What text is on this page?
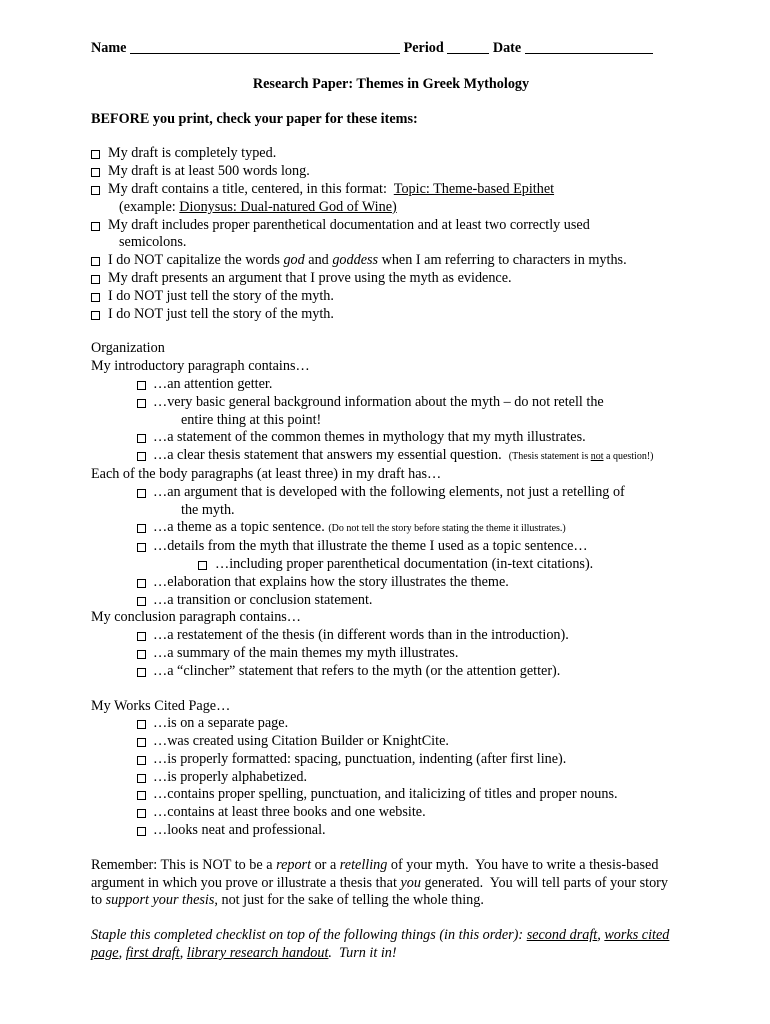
Name	Period	Date
Research Paper: Themes in Greek Mythology
BEFORE you print, check your paper for these items:
My draft is completely typed.
My draft is at least 500 words long.
My draft contains a title, centered, in this format:  Topic: Theme-based Epithet
(example: Dionysus: Dual-natured God of Wine)
My draft includes proper parenthetical documentation and at least two correctly used
semicolons.
I do NOT capitalize the words god and goddess when I am referring to characters in myths.
My draft presents an argument that I prove using the myth as evidence.
I do NOT just tell the story of the myth.
I do NOT just tell the story of the myth.
Organization
My introductory paragraph contains…
…an attention getter.
…very basic general background information about the myth – do not retell the
entire thing at this point!
…a statement of the common themes in mythology that my myth illustrates.
…a clear thesis statement that answers my essential question.  (Thesis statement is not a question!)
Each of the body paragraphs (at least three) in my draft has…
…an argument that is developed with the following elements, not just a retelling of
the myth.
…a theme as a topic sentence. (Do not tell the story before stating the theme it illustrates.)
…details from the myth that illustrate the theme I used as a topic sentence…
…including proper parenthetical documentation (in-text citations).
…elaboration that explains how the story illustrates the theme.
…a transition or conclusion statement.
My conclusion paragraph contains…
…a restatement of the thesis (in different words than in the introduction).
…a summary of the main themes my myth illustrates.
…a “clincher” statement that refers to the myth (or the attention getter).
My Works Cited Page…
…is on a separate page.
…was created using Citation Builder or KnightCite.
…is properly formatted: spacing, punctuation, indenting (after first line).
…is properly alphabetized.
…contains proper spelling, punctuation, and italicizing of titles and proper nouns.
…contains at least three books and one website.
…looks neat and professional.
Remember: This is NOT to be a report or a retelling of your myth.  You have to write a thesis-based argument in which you prove or illustrate a thesis that you generated.  You will tell parts of your story to support your thesis, not just for the sake of telling the whole thing.
Staple this completed checklist on top of the following things (in this order): second draft, works cited page, first draft, library research handout.  Turn it in!
